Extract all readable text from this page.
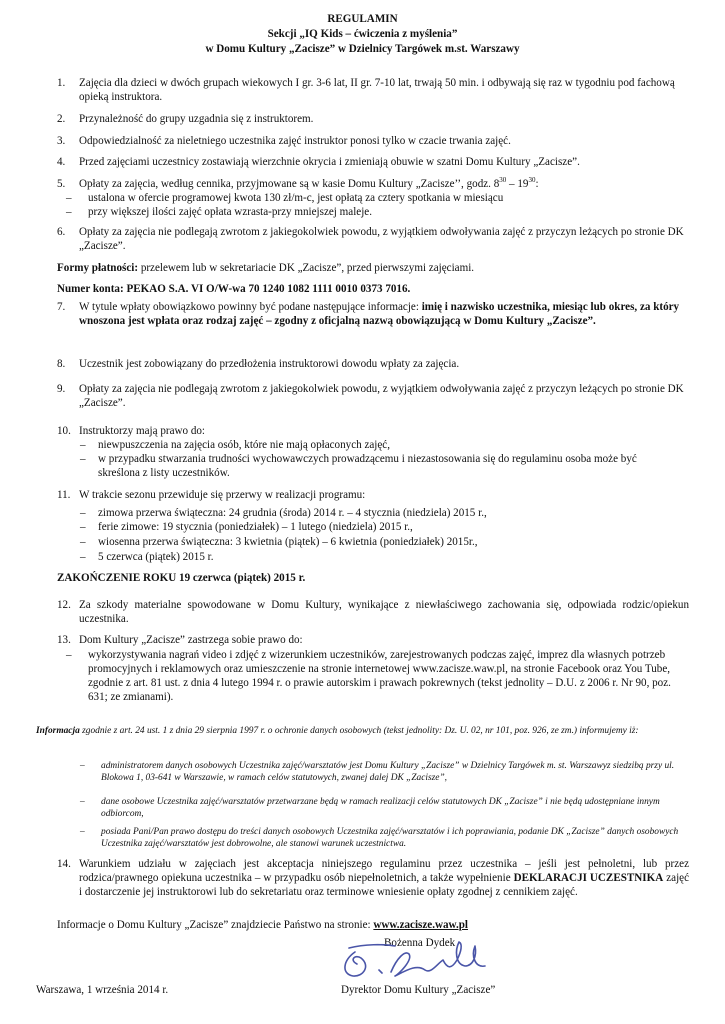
REGULAMIN
Sekcji „IQ Kids – ćwiczenia z myślenia”
w Domu Kultury „Zacisze” w Dzielnicy Targówek m.st. Warszawy
1. Zajęcia dla dzieci w dwóch grupach wiekowych I gr. 3-6 lat, II gr. 7-10 lat, trwają 50 min. i odbywają się raz w tygodniu pod fachową opieką instruktora.
2. Przynależność do grupy uzgadnia się z instruktorem.
3. Odpowiedzialność za nieletniego uczestnika zajęć instruktor ponosi tylko w czacie trwania zajęć.
4. Przed zajęciami uczestnicy zostawiają wierzchnie okrycia i zmieniają obuwie w szatni Domu Kultury „Zacisze”.
5. Opłaty za zajęcia, według cennika, przyjmowane są w kasie Domu Kultury „Zacisze’’, godz. $8^{30} - 19^{30}$:
– ustalona w ofercie programowej kwota 130 zł/m-c, jest opłatą za cztery spotkania w miesiącu
– przy większej ilości zajęć opłata wzrasta-przy mniejszej maleje.
6. Opłaty za zajęcia nie podlegają zwrotom z jakiegokolwiek powodu, z wyjątkiem odwoływania zajęć z przyczyn leżących po stronie DK „Zacisze”.
Formy płatności: przelewem lub w sekretariacie DK „Zacisze”, przed pierwszymi zajęciami.
Numer konta: PEKAO S.A. VI O/W-wa 70 1240 1082 1111 0010 0373 7016.
7. W tytule wpłaty obowiązkowo powinny być podane następujące informacje: imię i nazwisko uczestnika, miesiąc lub okres, za który wnoszona jest wpłata oraz rodzaj zajęć – zgodny z oficjalną nazwą obowiązującą w Domu Kultury „Zacisze”.
8. Uczestnik jest zobowiązany do przedłożenia instruktorowi dowodu wpłaty za zajęcia.
9. Opłaty za zajęcia nie podlegają zwrotom z jakiegokolwiek powodu, z wyjątkiem odwoływania zajęć z przyczyn leżących po stronie DK „Zacisze”.
10. Instruktorzy mają prawo do:
– niewpuszczenia na zajęcia osób, które nie mają opłaconych zajęć,
– w przypadku stwarzania trudności wychowawczych prowadzącemu i niezastosowania się do regulaminu osoba może być skreślona z listy uczestników.
11. W trakcie sezonu przewiduje się przerwy w realizacji programu:
– zimowa przerwa świąteczna: 24 grudnia (środa) 2014 r. – 4 stycznia (niedziela) 2015 r.,
– ferie zimowe: 19 stycznia (poniedziałek) – 1 lutego (niedziela) 2015 r.,
– wiosenna przerwa świąteczna: 3 kwietnia (piątek) – 6 kwietnia (poniedziałek) 2015r.,
– 5 czerwca (piątek) 2015 r.
ZAKOŃCZENIE ROKU 19 czerwca (piątek) 2015 r.
12. Za szkody materialne spowodowane w Domu Kultury, wynikające z niewłaściwego zachowania się, odpowiada rodzic/opiekun uczestnika.
13. Dom Kultury „Zacisze” zastrzega sobie prawo do:
– wykorzystywania nagrań video i zdjęć z wizerunkiem uczestników, zarejestrowanych podczas zajęć, imprez dla własnych potrzeb promocyjnych i reklamowych oraz umieszczenie na stronie internetowej www.zacisze.waw.pl, na stronie Facebook oraz You Tube, zgodnie z art. 81 ust. z dnia 4 lutego 1994 r. o prawie autorskim i prawach pokrewnych (tekst jednolity – D.U. z 2006 r. Nr 90, poz. 631; ze zmianami).
Informacja zgodnie z art. 24 ust. 1 z dnia 29 sierpnia 1997 r. o ochronie danych osobowych (tekst jednolity: Dz. U. 02, nr 101, poz. 926, ze zm.) informujemy iż:
– administratorem danych osobowych Uczestnika zajęć/warsztatów jest Domu Kultury „Zacisze” w Dzielnicy Targówek m. st. Warszawyz siedzibą przy ul. Blokowa 1, 03-641 w Warszawie, w ramach celów statutowych, zwanej dalej DK „Zacisze”,
– dane osobowe Uczestnika zajęć/warsztatów przetwarzane będą w ramach realizacji celów statutowych DK „Zacisze” i nie będą udostępniane innym odbiorcom,
– posiada Pani/Pan prawo dostępu do treści danych osobowych Uczestnika zajęć/warsztatów i ich poprawiania, podanie DK „Zacisze” danych osobowych Uczestnika zajęć/warsztatów jest dobrowolne, ale stanowi warunek uczestnictwa.
14. Warunkiem udziału w zajęciach jest akceptacja niniejszego regulaminu przez uczestnika – jeśli jest pełnoletni, lub przez rodzica/prawnego opiekuna uczestnika – w przypadku osób niepełnoletnich, a także wypełnienie DEKLARACJI UCZESTNIKA zajęć i dostarczenie jej instruktorowi lub do sekretariatu oraz terminowe wniesienie opłaty zgodnej z cennikiem zajęć.
Informacje o Domu Kultury „Zacisze” znajdziecie Państwo na stronie: www.zacisze.waw.pl
Bożenna Dydek
Warszawa, 1 września 2014 r.	Dyrektor Domu Kultury „Zacisze”
